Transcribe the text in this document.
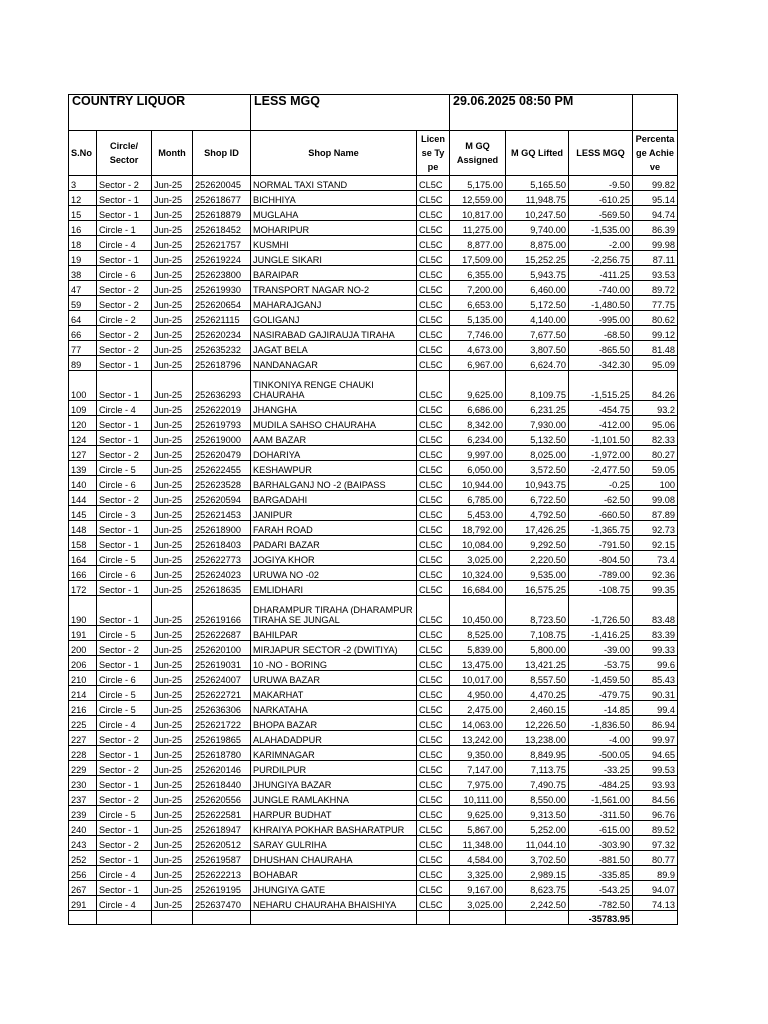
COUNTRY LIQUOR				LESS MGQ		29.06.2025 08:50 PM			
S.No	Circle/ Sector	Month	Shop ID	Shop Name	License Type	M GQ Assigned	M GQ Lifted	LESS MGQ	Percentage Achieve
3	Sector - 2	Jun-25	252620045	NORMAL TAXI STAND	CL5C	5,175.00	5,165.50	-9.50	99.82
12	Sector - 1	Jun-25	252618677	BICHHIYA	CL5C	12,559.00	11,948.75	-610.25	95.14
15	Sector - 1	Jun-25	252618879	MUGLAHA	CL5C	10,817.00	10,247.50	-569.50	94.74
16	Circle - 1	Jun-25	252618452	MOHARIPUR	CL5C	11,275.00	9,740.00	-1,535.00	86.39
18	Circle - 4	Jun-25	252621757	KUSMHI	CL5C	8,877.00	8,875.00	-2.00	99.98
19	Sector - 1	Jun-25	252619224	JUNGLE SIKARI	CL5C	17,509.00	15,252.25	-2,256.75	87.11
38	Circle - 6	Jun-25	252623800	BARAIPAR	CL5C	6,355.00	5,943.75	-411.25	93.53
47	Sector - 2	Jun-25	252619930	TRANSPORT NAGAR NO-2	CL5C	7,200.00	6,460.00	-740.00	89.72
59	Sector - 2	Jun-25	252620654	MAHARAJGANJ	CL5C	6,653.00	5,172.50	-1,480.50	77.75
64	Circle - 2	Jun-25	252621115	GOLIGANJ	CL5C	5,135.00	4,140.00	-995.00	80.62
66	Sector - 2	Jun-25	252620234	NASIRABAD GAJIRAUJA TIRAHA	CL5C	7,746.00	7,677.50	-68.50	99.12
77	Sector - 2	Jun-25	252635232	JAGAT BELA	CL5C	4,673.00	3,807.50	-865.50	81.48
89	Sector - 1	Jun-25	252618796	NANDANAGAR	CL5C	6,967.00	6,624.70	-342.30	95.09
100	Sector - 1	Jun-25	252636293	TINKONIYA RENGE CHAUKI CHAURAHA	CL5C	9,625.00	8,109.75	-1,515.25	84.26
109	Circle - 4	Jun-25	252622019	JHANGHA	CL5C	6,686.00	6,231.25	-454.75	93.2
120	Sector - 1	Jun-25	252619793	MUDILA SAHSO CHAURAHA	CL5C	8,342.00	7,930.00	-412.00	95.06
124	Sector - 1	Jun-25	252619000	AAM BAZAR	CL5C	6,234.00	5,132.50	-1,101.50	82.33
127	Sector - 2	Jun-25	252620479	DOHARIYA	CL5C	9,997.00	8,025.00	-1,972.00	80.27
139	Circle - 5	Jun-25	252622455	KESHAWPUR	CL5C	6,050.00	3,572.50	-2,477.50	59.05
140	Circle - 6	Jun-25	252623528	BARHALGANJ NO -2 (BAIPASS	CL5C	10,944.00	10,943.75	-0.25	100
144	Sector - 2	Jun-25	252620594	BARGADAHI	CL5C	6,785.00	6,722.50	-62.50	99.08
145	Circle - 3	Jun-25	252621453	JANIPUR	CL5C	5,453.00	4,792.50	-660.50	87.89
148	Sector - 1	Jun-25	252618900	FARAH ROAD	CL5C	18,792.00	17,426.25	-1,365.75	92.73
158	Sector - 1	Jun-25	252618403	PADARI BAZAR	CL5C	10,084.00	9,292.50	-791.50	92.15
164	Circle - 5	Jun-25	252622773	JOGIYA KHOR	CL5C	3,025.00	2,220.50	-804.50	73.4
166	Circle - 6	Jun-25	252624023	URUWA NO -02	CL5C	10,324.00	9,535.00	-789.00	92.36
172	Sector - 1	Jun-25	252618635	EMLIDHARI	CL5C	16,684.00	16,575.25	-108.75	99.35
190	Sector - 1	Jun-25	252619166	DHARAMPUR TIRAHA (DHARAMPUR TIRAHA SE JUNGAL	CL5C	10,450.00	8,723.50	-1,726.50	83.48
191	Circle - 5	Jun-25	252622687	BAHILPAR	CL5C	8,525.00	7,108.75	-1,416.25	83.39
200	Sector - 2	Jun-25	252620100	MIRJAPUR SECTOR -2 (DWITIYA)	CL5C	5,839.00	5,800.00	-39.00	99.33
206	Sector - 1	Jun-25	252619031	10 -NO - BORING	CL5C	13,475.00	13,421.25	-53.75	99.6
210	Circle - 6	Jun-25	252624007	URUWA BAZAR	CL5C	10,017.00	8,557.50	-1,459.50	85.43
214	Circle - 5	Jun-25	252622721	MAKARHAT	CL5C	4,950.00	4,470.25	-479.75	90.31
216	Circle - 5	Jun-25	252636306	NARKATAHA	CL5C	2,475.00	2,460.15	-14.85	99.4
225	Circle - 4	Jun-25	252621722	BHOPA BAZAR	CL5C	14,063.00	12,226.50	-1,836.50	86.94
227	Sector - 2	Jun-25	252619865	ALAHADADPUR	CL5C	13,242.00	13,238.00	-4.00	99.97
228	Sector - 1	Jun-25	252618780	KARIMNAGAR	CL5C	9,350.00	8,849.95	-500.05	94.65
229	Sector - 2	Jun-25	252620146	PURDILPUR	CL5C	7,147.00	7,113.75	-33.25	99.53
230	Sector - 1	Jun-25	252618440	JHUNGIYA BAZAR	CL5C	7,975.00	7,490.75	-484.25	93.93
237	Sector - 2	Jun-25	252620556	JUNGLE RAMLAKHNA	CL5C	10,111.00	8,550.00	-1,561.00	84.56
239	Circle - 5	Jun-25	252622581	HARPUR BUDHAT	CL5C	9,625.00	9,313.50	-311.50	96.76
240	Sector - 1	Jun-25	252618947	KHRAIYA POKHAR BASHARATPUR	CL5C	5,867.00	5,252.00	-615.00	89.52
243	Sector - 2	Jun-25	252620512	SARAY GULRIHA	CL5C	11,348.00	11,044.10	-303.90	97.32
252	Sector - 1	Jun-25	252619587	DHUSHAN CHAURAHA	CL5C	4,584.00	3,702.50	-881.50	80.77
256	Circle - 4	Jun-25	252622213	BOHABAR	CL5C	3,325.00	2,989.15	-335.85	89.9
267	Sector - 1	Jun-25	252619195	JHUNGIYA GATE	CL5C	9,167.00	8,623.75	-543.25	94.07
291	Circle - 4	Jun-25	252637470	NEHARU CHAURAHA BHAISHIYA	CL5C	3,025.00	2,242.50	-782.50	74.13
								-35783.95	
